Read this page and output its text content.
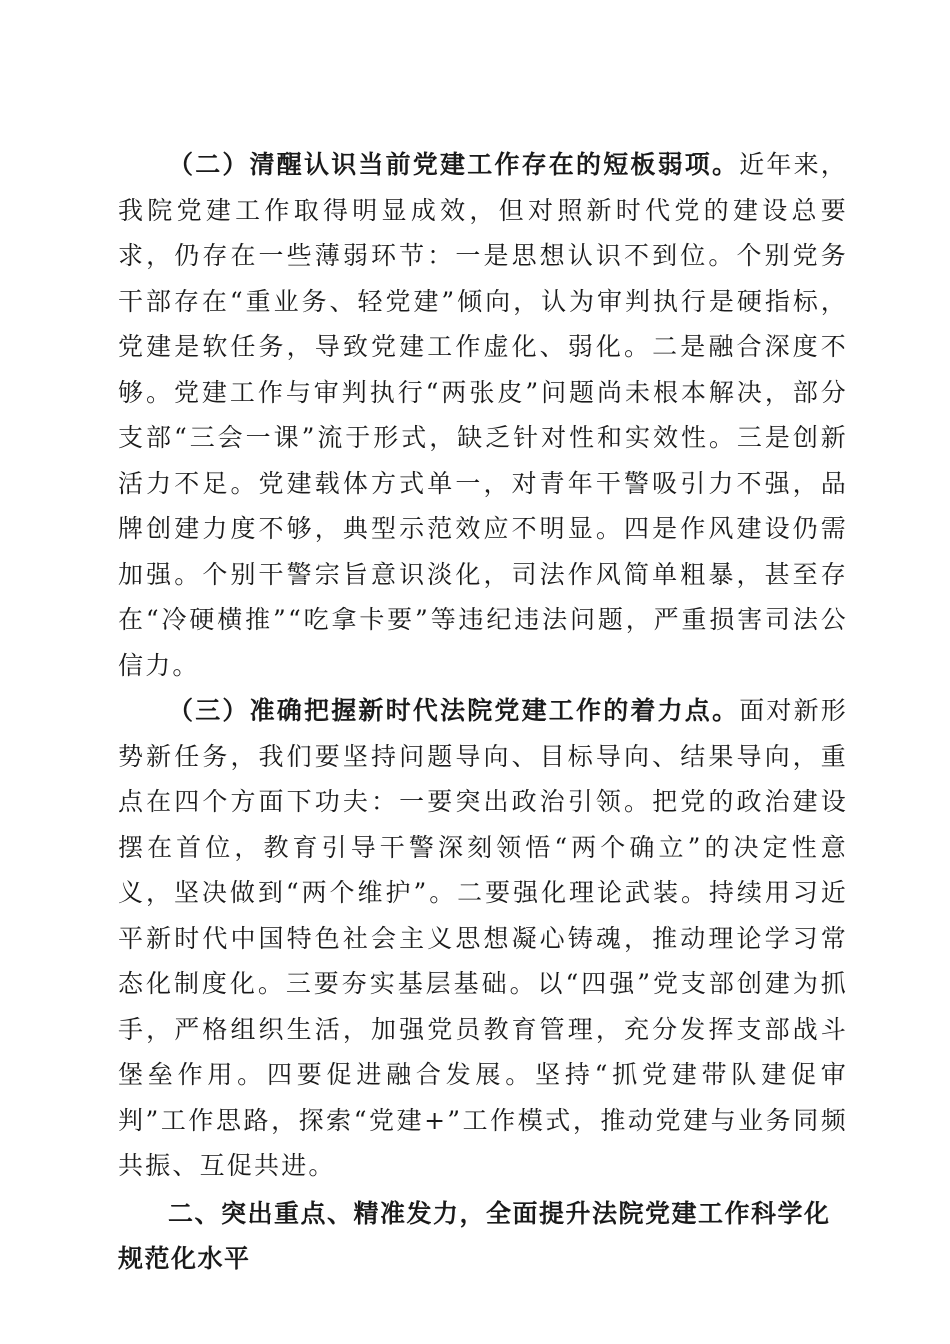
（二）清醒认识当前党建工作存在的短板弱项。近年来，我院党建工作取得明显成效，但对照新时代党的建设总要求，仍存在一些薄弱环节：一是思想认识不到位。个别党务干部存在“重业务、轻党建”倾向，认为审判执行是硬指标，党建是软任务，导致党建工作虚化、弱化。二是融合深度不够。党建工作与审判执行“两张皮”问题尚未根本解决，部分支部“三会一课”流于形式，缺乏针对性和实效性。三是创新活力不足。党建载体方式单一，对青年干警吸引力不强，品牌创建力度不够，典型示范效应不明显。四是作风建设仍需加强。个别干警宗旨意识淡化，司法作风简单粗暴，甚至存在“冷硬横推”“吃拿卡要”等违纪违法问题，严重损害司法公信力。

（三）准确把握新时代法院党建工作的着力点。面对新形势新任务，我们要坚持问题导向、目标导向、结果导向，重点在四个方面下功夫：一要突出政治引领。把党的政治建设摆在首位，教育引导干警深刻领悟“两个确立”的决定性意义，坚决做到“两个维护”。二要强化理论武装。持续用习近平新时代中国特色社会主义思想凝心铸魂，推动理论学习常态化制度化。三要夯实基层基础。以“四强”党支部创建为抓手，严格组织生活，加强党员教育管理，充分发挥支部战斗堡垒作用。四要促进融合发展。坚持“抓党建带队建促审判”工作思路，探索“党建+”工作模式，推动党建与业务同频共振、互促共进。

二、突出重点、精准发力，全面提升法院党建工作科学化规范化水平
